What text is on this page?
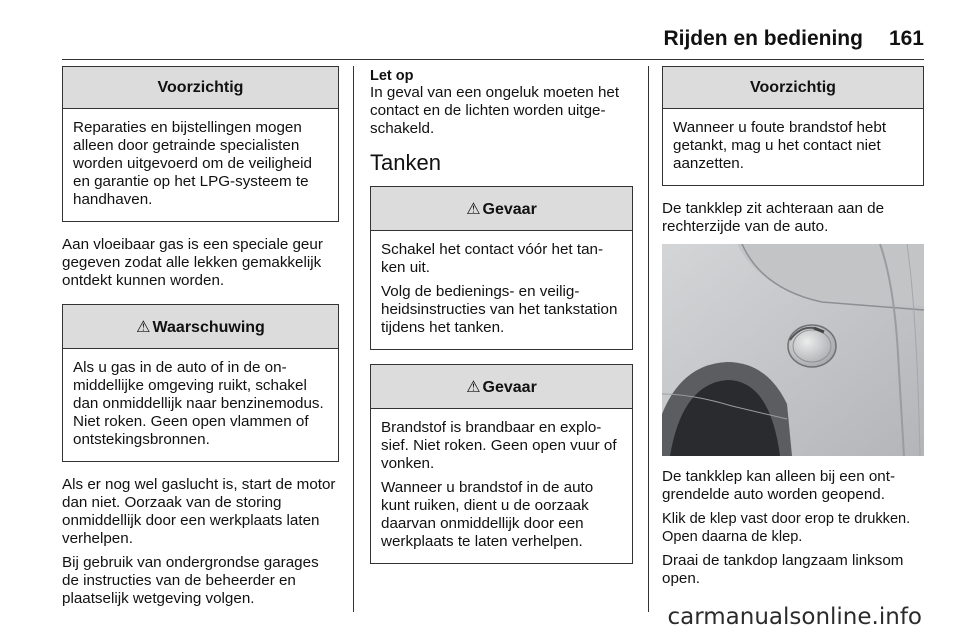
Rijden en bediening 161
Voorzichtig

Reparaties en bijstellingen mogen alleen door getrainde specialisten worden uitgevoerd om de veiligheid en garantie op het LPG-systeem te handhaven.

Aan vloeibaar gas is een speciale geur gegeven zodat alle lekken gemakkelijk ontdekt kunnen worden.

⚠ Waarschuwing

Als u gas in de auto of in de onmiddellijke omgeving ruikt, schakel dan onmiddellijk naar benzinemodus. Niet roken. Geen open vlammen of ontstekingsbronnen.

Als er nog wel gaslucht is, start de motor dan niet. Oorzaak van de storing onmiddellijk door een werkplaats laten verhelpen.

Bij gebruik van ondergrondse garages de instructies van de beheerder en plaatselijk wetgeving volgen.

Let op

In geval van een ongeluk moeten het contact en de lichten worden uitgeschakeld.

Tanken
⚠ Gevaar

Schakel het contact vóór het tanken uit.

Volg de bedienings- en veiligheidsinstructies van het tankstation tijdens het tanken.

⚠ Gevaar

Brandstof is brandbaar en explosief. Niet roken. Geen open vuur of vonken.

Wanneer u brandstof in de auto kunt ruiken, dient u de oorzaak daarvan onmiddellijk door een werkplaats te laten verhelpen.

Voorzichtig

Wanneer u foute brandstof hebt getankt, mag u het contact niet aanzetten.

De tankklep zit achteraan aan de rechterzijde van de auto.

De tankklep kan alleen bij een ontgrendelde auto worden geopend.

Klik de klep vast door erop te drukken. Open daarna de klep.

Draai de tankdop langzaam linksom open.

carmanualsonline.info
